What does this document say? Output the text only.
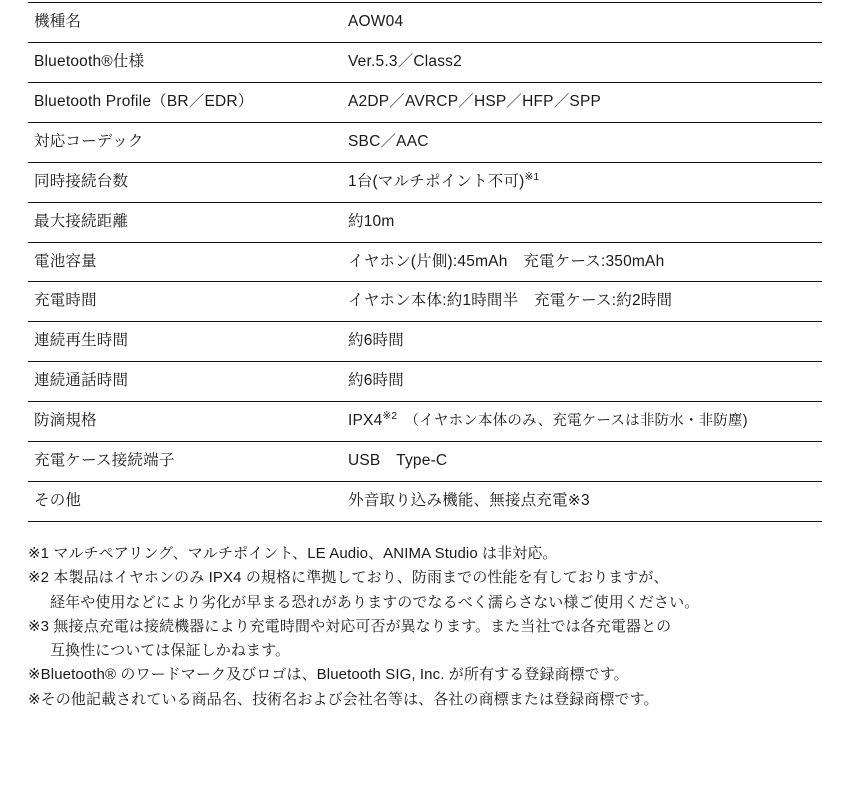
機種名	AOW04
Bluetooth®仕様	Ver.5.3／Class2
Bluetooth Profile（BR／EDR）	A2DP／AVRCP／HSP／HFP／SPP
対応コーデック	SBC／AAC
同時接続台数	1台(マルチポイント不可)$^{※1}$
最大接続距離	約10m
電池容量	イヤホン(片側):45mAh　充電ケース:350mAh
充電時間	イヤホン本体:約1時間半　充電ケース:約2時間
連続再生時間	約6時間
連続通話時間	約6時間
防滴規格	IPX4$^{※2}$　（イヤホン本体のみ、充電ケースは非防水・非防塵)
充電ケース接続端子	USB　Type-C
その他	外音取り込み機能、無接点充電※3
※1 マルチペアリング、マルチポイント、LE Audio、ANIMA Studio は非対応。
※2 本製品はイヤホンのみ IPX4 の規格に準拠しており、防雨までの性能を有しておりますが、
経年や使用などにより劣化が早まる恐れがありますのでなるべく濡らさない様ご使用ください。
※3 無接点充電は接続機器により充電時間や対応可否が異なります。また当社では各充電器との
互換性については保証しかねます。
※Bluetooth® のワードマーク及びロゴは、Bluetooth SIG, Inc. が所有する登録商標です。
※その他記載されている商品名、技術名および会社名等は、各社の商標または登録商標です。
